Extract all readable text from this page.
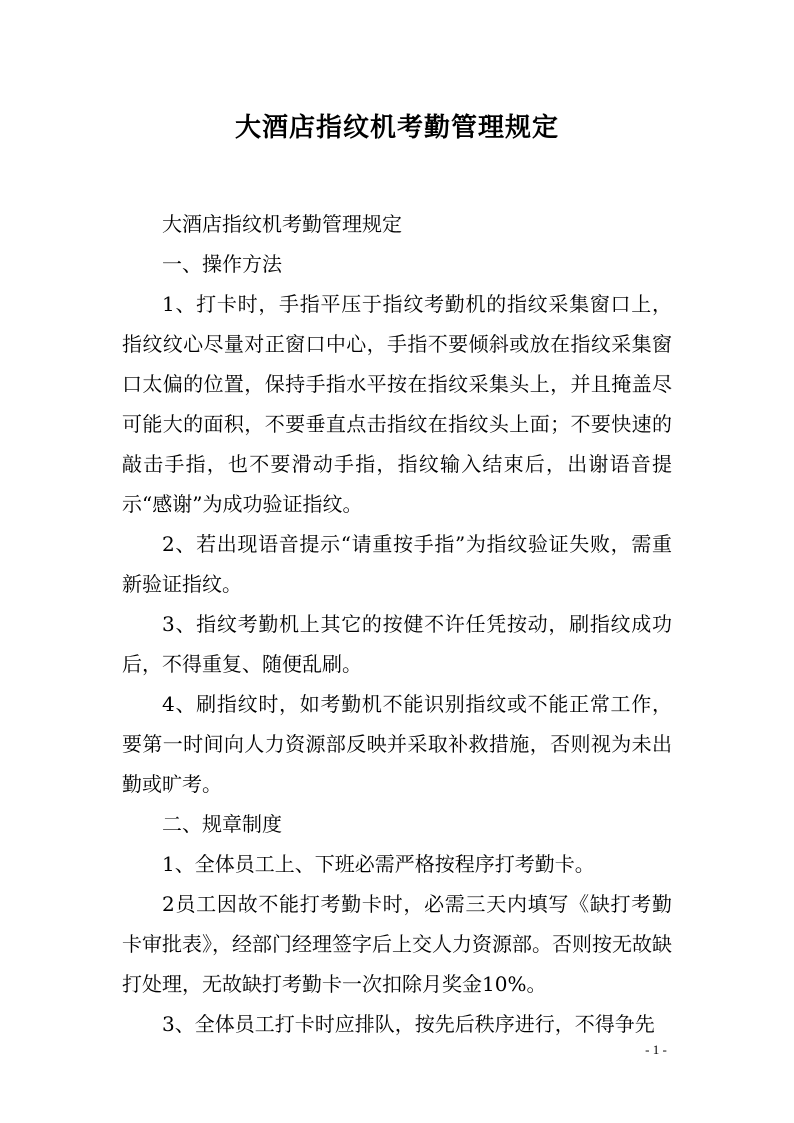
大酒店指纹机考勤管理规定

大酒店指纹机考勤管理规定

一、操作方法

1、打卡时，手指平压于指纹考勤机的指纹采集窗口上，指纹纹心尽量对正窗口中心，手指不要倾斜或放在指纹采集窗口太偏的位置，保持手指水平按在指纹采集头上，并且掩盖尽可能大的面积，不要垂直点击指纹在指纹头上面；不要快速的敲击手指，也不要滑动手指，指纹输入结束后，出谢语音提示“感谢”为成功验证指纹。

2、若出现语音提示“请重按手指”为指纹验证失败，需重新验证指纹。

3、指纹考勤机上其它的按健不许任凭按动，刷指纹成功后，不得重复、随便乱刷。

4、刷指纹时，如考勤机不能识别指纹或不能正常工作，要第一时间向人力资源部反映并采取补救措施，否则视为未出勤或旷考。

二、规章制度

1、全体员工上、下班必需严格按程序打考勤卡。

2员工因故不能打考勤卡时，必需三天内填写《缺打考勤卡审批表》，经部门经理签字后上交人力资源部。否则按无故缺打处理，无故缺打考勤卡一次扣除月奖金10%。

3、全体员工打卡时应排队，按先后秩序进行，不得争先

- 1 -
